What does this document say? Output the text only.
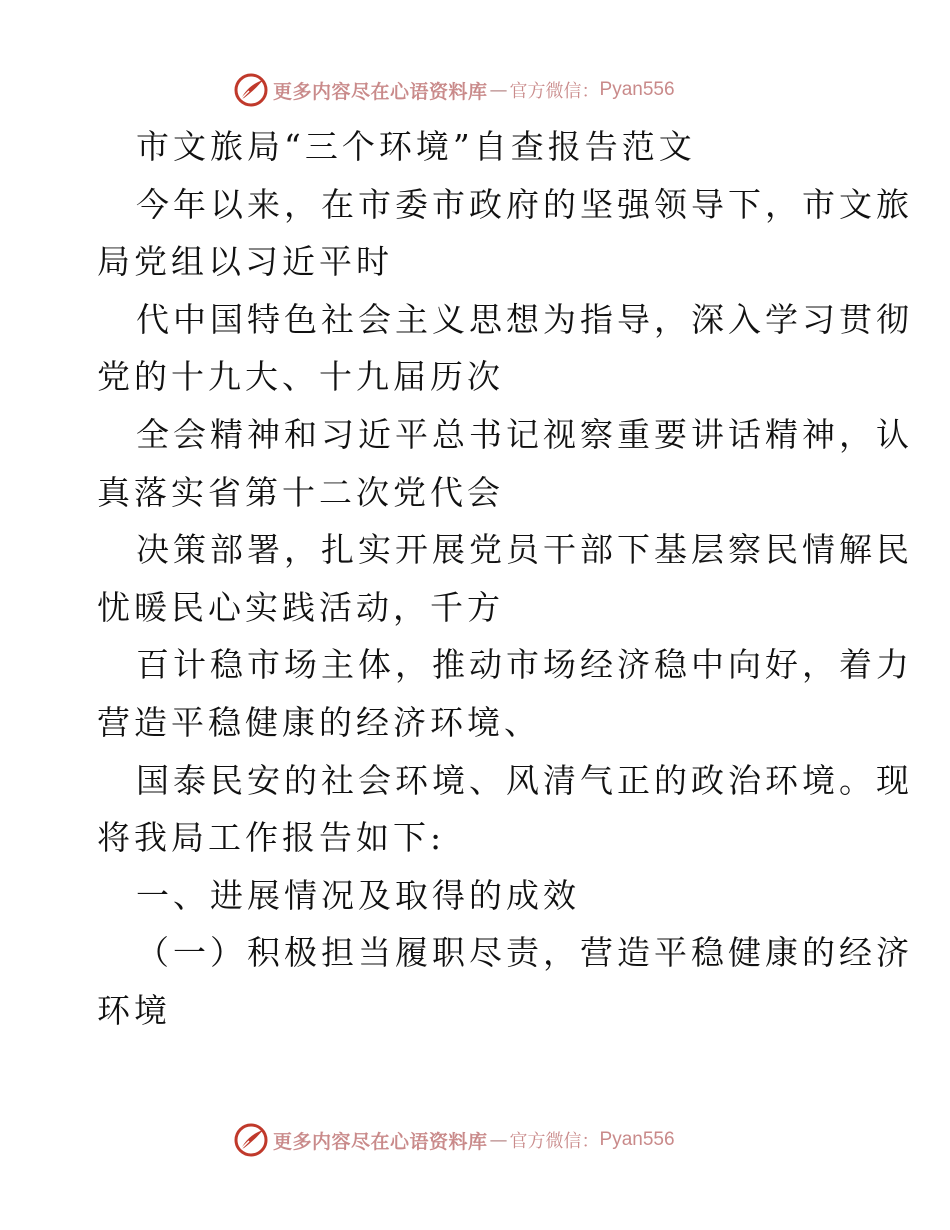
更多内容尽在心语资料库 — 官方微信： Pyan556

市文旅局“三个环境”自查报告范文

今年以来，在市委市政府的坚强领导下，市文旅

局党组以习近平时

代中国特色社会主义思想为指导，深入学习贯彻

党的十九大、十九届历次

全会精神和习近平总书记视察重要讲话精神，认

真落实省第十二次党代会

决策部署，扎实开展党员干部下基层察民情解民

忧暖民心实践活动，千方

百计稳市场主体，推动市场经济稳中向好，着力

营造平稳健康的经济环境、

国泰民安的社会环境、风清气正的政治环境。现

将我局工作报告如下:

一、进展情况及取得的成效

（一）积极担当履职尽责，营造平稳健康的经济

环境

更多内容尽在心语资料库 — 官方微信： Pyan556
